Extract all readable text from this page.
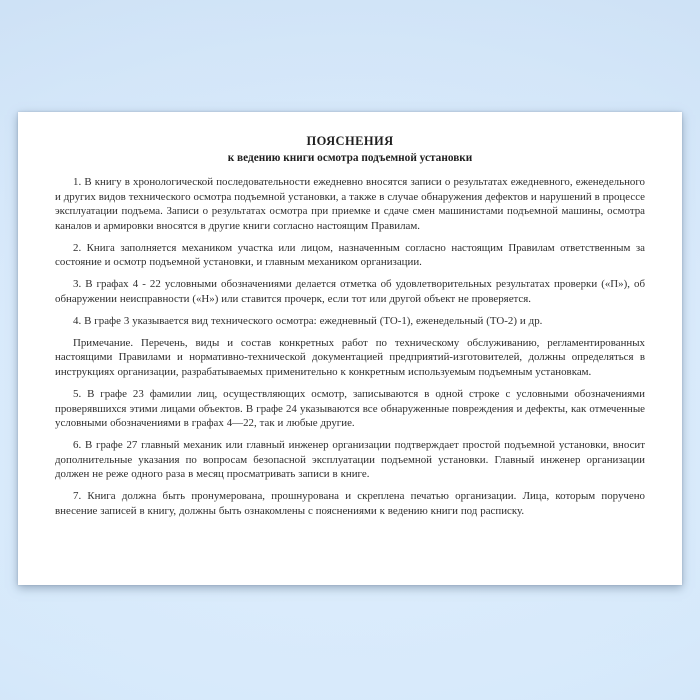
ПОЯСНЕНИЯ
к ведению книги осмотра подъемной установки

1. В книгу в хронологической последовательности ежедневно вносятся записи о результатах ежедневного, еженедельного и других видов технического осмотра подъемной установки, а также в случае обнаружения дефектов и нарушений в процессе эксплуатации подъема. Записи о результатах осмотра при приемке и сдаче смен машинистами подъемной машины, осмотра каналов и армировки вносятся в другие книги согласно настоящим Правилам.

2. Книга заполняется механиком участка или лицом, назначенным согласно настоящим Правилам ответственным за состояние и осмотр подъемной установки, и главным механиком организации.

3. В графах 4 - 22 условными обозначениями делается отметка об удовлетворительных результатах проверки («П»), об обнаружении неисправности («Н») или ставится прочерк, если тот или другой объект не проверяется.

4. В графе 3 указывается вид технического осмотра: ежедневный (ТО-1), еженедельный (ТО-2) и др.

Примечание. Перечень, виды и состав конкретных работ по техническому обслуживанию, регламентированных настоящими Правилами и нормативно-технической документацией предприятий-изготовителей, должны определяться в инструкциях организации, разрабатываемых применительно к конкретным используемым подъемным установкам.

5. В графе 23 фамилии лиц, осуществляющих осмотр, записываются в одной строке с условными обозначениями проверявшихся этими лицами объектов. В графе 24 указываются все обнаруженные повреждения и дефекты, как отмеченные условными обозначениями в графах 4—22, так и любые другие.

6. В графе 27 главный механик или главный инженер организации подтверждает простой подъемной установки, вносит дополнительные указания по вопросам безопасной эксплуатации подъемной установки. Главный инженер организации должен не реже одного раза в месяц просматривать записи в книге.

7. Книга должна быть пронумерована, прошнурована и скреплена печатью организации. Лица, которым поручено внесение записей в книгу, должны быть ознакомлены с пояснениями к ведению книги под расписку.
